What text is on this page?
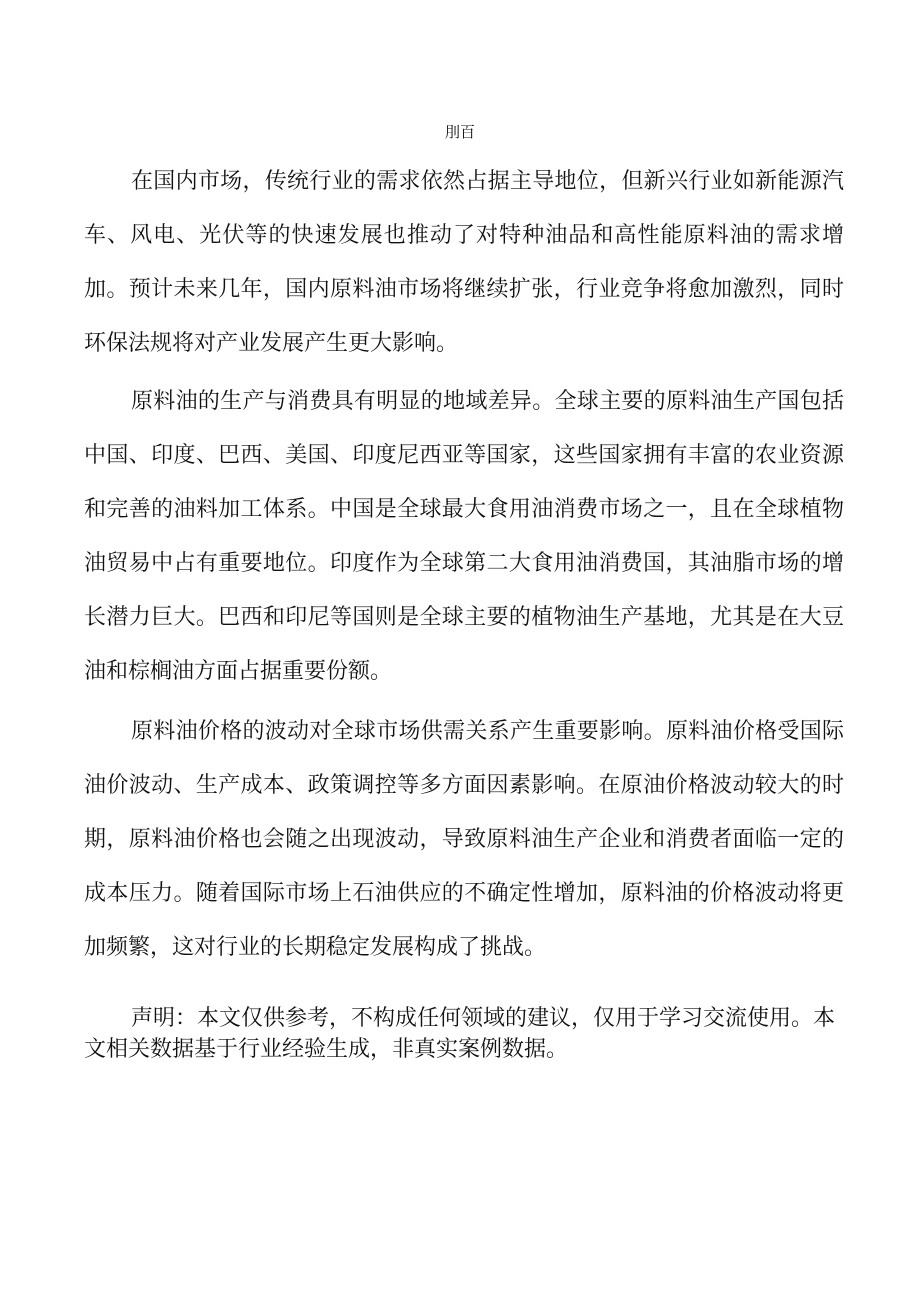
刖百

在国内市场，传统行业的需求依然占据主导地位，但新兴行业如新能源汽车、风电、光伏等的快速发展也推动了对特种油品和高性能原料油的需求增加。预计未来几年，国内原料油市场将继续扩张，行业竞争将愈加激烈，同时环保法规将对产业发展产生更大影响。

原料油的生产与消费具有明显的地域差异。全球主要的原料油生产国包括中国、印度、巴西、美国、印度尼西亚等国家，这些国家拥有丰富的农业资源和完善的油料加工体系。中国是全球最大食用油消费市场之一，且在全球植物油贸易中占有重要地位。印度作为全球第二大食用油消费国，其油脂市场的增长潜力巨大。巴西和印尼等国则是全球主要的植物油生产基地，尤其是在大豆油和棕榈油方面占据重要份额。

原料油价格的波动对全球市场供需关系产生重要影响。原料油价格受国际油价波动、生产成本、政策调控等多方面因素影响。在原油价格波动较大的时期，原料油价格也会随之出现波动，导致原料油生产企业和消费者面临一定的成本压力。随着国际市场上石油供应的不确定性增加，原料油的价格波动将更加频繁，这对行业的长期稳定发展构成了挑战。

声明：本文仅供参考，不构成任何领域的建议，仅用于学习交流使用。本文相关数据基于行业经验生成，非真实案例数据。
